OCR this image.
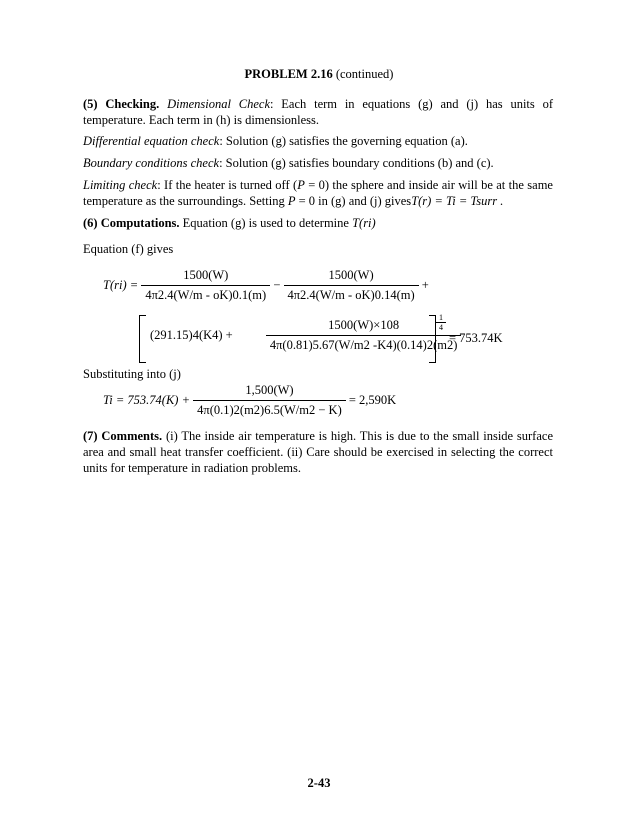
PROBLEM 2.16 (continued)
(5) Checking. Dimensional Check: Each term in equations (g) and (j) has units of temperature. Each term in (h) is dimensionless.
Differential equation check: Solution (g) satisfies the governing equation (a).
Boundary conditions check: Solution (g) satisfies boundary conditions (b) and (c).
Limiting check: If the heater is turned off (P = 0) the sphere and inside air will be at the same temperature as the surroundings. Setting P = 0 in (g) and (j) givesT(r) = Ti = Tsurr .
(6) Computations. Equation (g) is used to determine T(ri)
Equation (f) gives
$T(ri) = \frac{1500(W)}{4\pi 2.4(W/m - oK)0.1(m)} - \frac{1500(W)}{4\pi 2.4(W/m - oK)0.14(m)}$ +
$\frac{1}{4}$
(291.15)4(K4) +	$\frac{1500(W)\times 108}{4\pi(0.81)5.67(W/m2 -K4)(0.14)2(m2)}$
= 753.74K
Substituting into (j)
$Ti = 753.74(K) + \frac{1,500(W)}{4\pi(0.1)2(m2)6.5(W/m2 - K)} = 2,590K$
(7) Comments. (i) The inside air temperature is high. This is due to the small inside surface area and small heat transfer coefficient. (ii) Care should be exercised in selecting the correct units for temperature in radiation problems.
2-43
